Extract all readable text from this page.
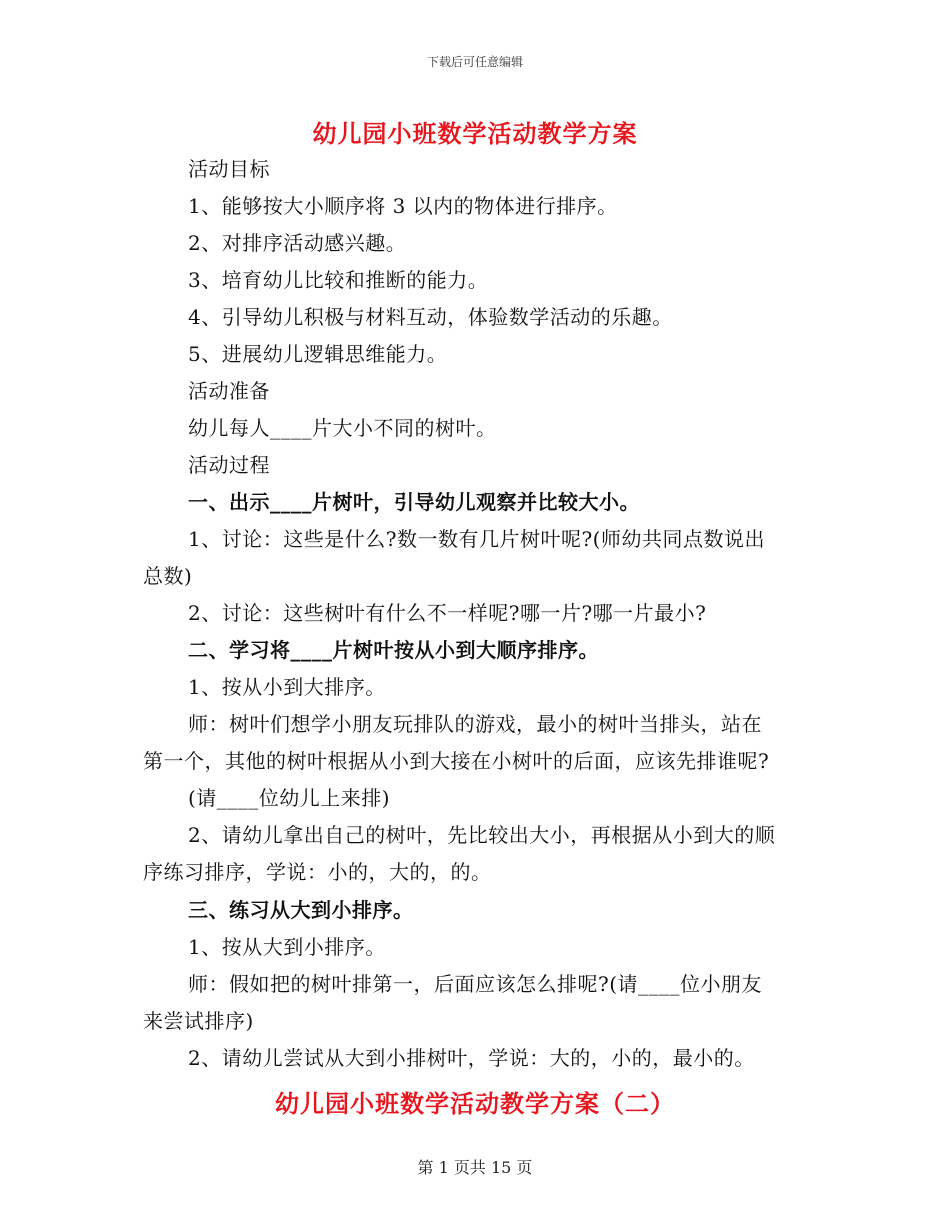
下载后可任意编辑
幼儿园小班数学活动教学方案

活动目标

1、能够按大小顺序将 3 以内的物体进行排序。

2、对排序活动感兴趣。

3、培育幼儿比较和推断的能力。

4、引导幼儿积极与材料互动，体验数学活动的乐趣。

5、进展幼儿逻辑思维能力。

活动准备

幼儿每人____片大小不同的树叶。

活动过程

一、出示____片树叶，引导幼儿观察并比较大小。

1、讨论：这些是什么?数一数有几片树叶呢?(师幼共同点数说出

总数)

2、讨论：这些树叶有什么不一样呢?哪一片?哪一片最小?

二、学习将____片树叶按从小到大顺序排序。

1、按从小到大排序。

师：树叶们想学小朋友玩排队的游戏，最小的树叶当排头，站在

第一个，其他的树叶根据从小到大接在小树叶的后面，应该先排谁呢?

(请____位幼儿上来排)

2、请幼儿拿出自己的树叶，先比较出大小，再根据从小到大的顺

序练习排序，学说：小的，大的，的。

三、练习从大到小排序。

1、按从大到小排序。

师：假如把的树叶排第一，后面应该怎么排呢?(请____位小朋友

来尝试排序)

2、请幼儿尝试从大到小排树叶，学说：大的，小的，最小的。

幼儿园小班数学活动教学方案（二）
第 1 页共 15 页
